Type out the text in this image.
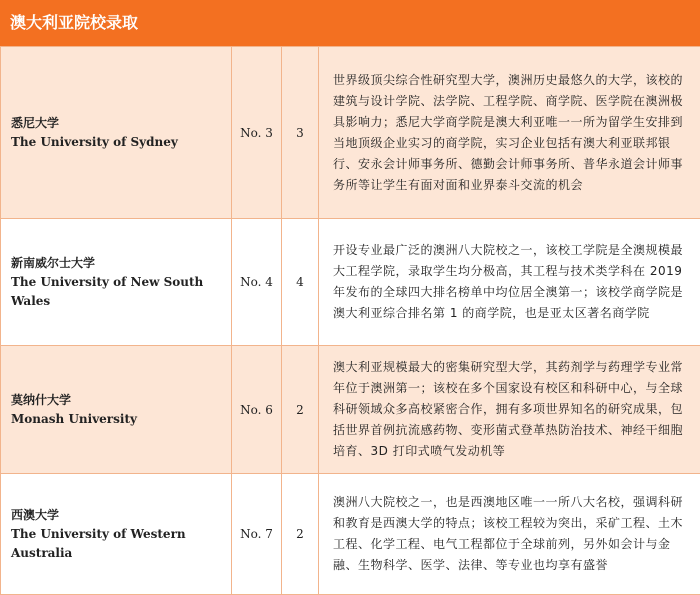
澳大利亚院校录取
悉尼大学
The University of Sydney	No. 3	3	世界级顶尖综合性研究型大学，澳洲历史最悠久的大学，该校的建筑与设计学院、法学院、工程学院、商学院、医学院在澳洲极具影响力；悉尼大学商学院是澳大利亚唯一一所为留学生安排到当地顶级企业实习的商学院，实习企业包括有澳大利亚联邦银行、安永会计师事务所、德勤会计师事务所、普华永道会计师事务所等让学生有面对面和业界泰斗交流的机会

新南威尔士大学
The University of New South Wales	No. 4	4	开设专业最广泛的澳洲八大院校之一，该校工学院是全澳规模最大工程学院，录取学生均分极高，其工程与技术类学科在 2019 年发布的全球四大排名榜单中均位居全澳第一；该校学商学院是澳大利亚综合排名第 1 的商学院，也是亚太区著名商学院

莫纳什大学
Monash University	No. 6	2	澳大利亚规模最大的密集研究型大学，其药剂学与药理学专业常年位于澳洲第一；该校在多个国家设有校区和科研中心，与全球科研领域众多高校紧密合作，拥有多项世界知名的研究成果，包括世界首例抗流感药物、变形菌式登革热防治技术、神经干细胞培育、3D 打印式喷气发动机等

西澳大学
The University of Western Australia	No. 7	2	澳洲八大院校之一，也是西澳地区唯一一所八大名校，强调科研和教育是西澳大学的特点；该校工程较为突出，采矿工程、土木工程、化学工程、电气工程都位于全球前列，另外如会计与金融、生物科学、医学、法律、等专业也均享有盛誉
